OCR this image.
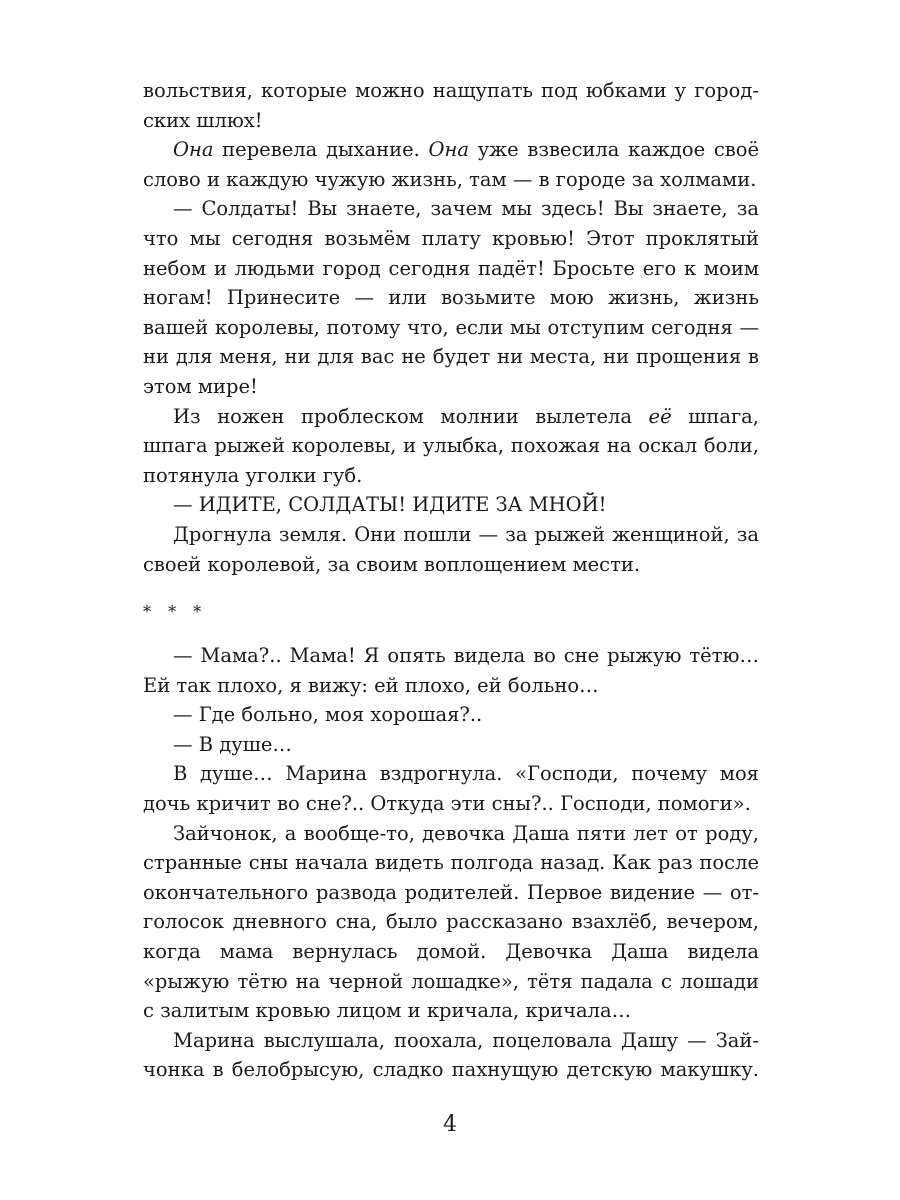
вольствия, которые можно нащупать под юбками у городских шлюх!

Она перевела дыхание. Она уже взвесила каждое своё слово и каждую чужую жизнь, там — в городе за холмами.

— Солдаты! Вы знаете, зачем мы здесь! Вы знаете, за что мы сегодня возьмём плату кровью! Этот проклятый небом и людьми город сегодня падёт! Бросьте его к моим ногам! Принесите — или возьмите мою жизнь, жизнь вашей королевы, потому что, если мы отступим сегодня — ни для меня, ни для вас не будет ни места, ни прощения в этом мире!

Из ножен проблеском молнии вылетела её шпага, шпага рыжей королевы, и улыбка, похожая на оскал боли, потянула уголки губ.

— ИДИТЕ, СОЛДАТЫ! ИДИТЕ ЗА МНОЙ!

Дрогнула земля. Они пошли — за рыжей женщиной, за своей королевой, за своим воплощением мести.

* * *

— Мама?.. Мама! Я опять видела во сне рыжую тётю… Ей так плохо, я вижу: ей плохо, ей больно…

— Где больно, моя хорошая?..

— В душе…

В душе… Марина вздрогнула. «Господи, почему моя дочь кричит во сне?.. Откуда эти сны?.. Господи, помоги».

Зайчонок, а вообще-то, девочка Даша пяти лет от роду, странные сны начала видеть полгода назад. Как раз после окончательного развода родителей. Первое видение — отголосок дневного сна, было рассказано взахлёб, вечером, когда мама вернулась домой. Девочка Даша видела «рыжую тётю на черной лошадке», тётя падала с лошади с залитым кровью лицом и кричала, кричала…

Марина выслушала, поохала, поцеловала Дашу — Зайчонка в белобрысую, сладко пахнущую детскую макушку.

4
